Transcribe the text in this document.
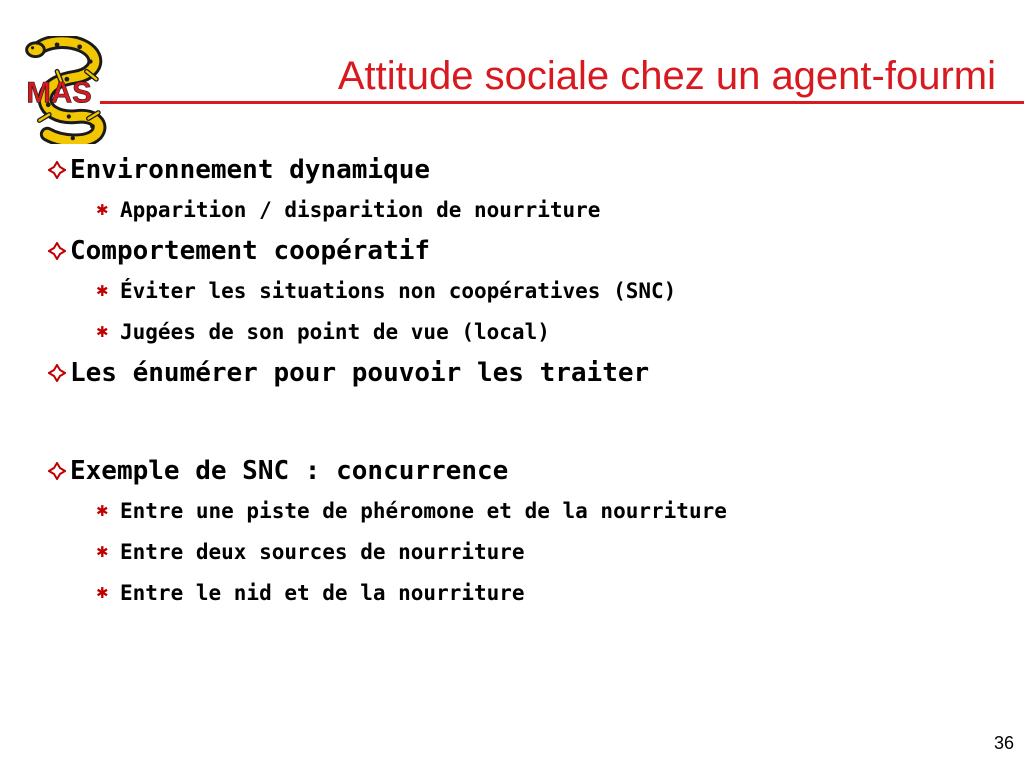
MAS	Attitude sociale chez un agent-fourmi
Environnement dynamique
✱ Apparition / disparition de nourriture
Comportement coopératif
✱ Éviter les situations non coopératives (SNC)
✱ Jugées de son point de vue (local)
Les énumérer pour pouvoir les traiter
Exemple de SNC : concurrence
✱ Entre une piste de phéromone et de la nourriture
✱ Entre deux sources de nourriture
✱ Entre le nid et de la nourriture
36
